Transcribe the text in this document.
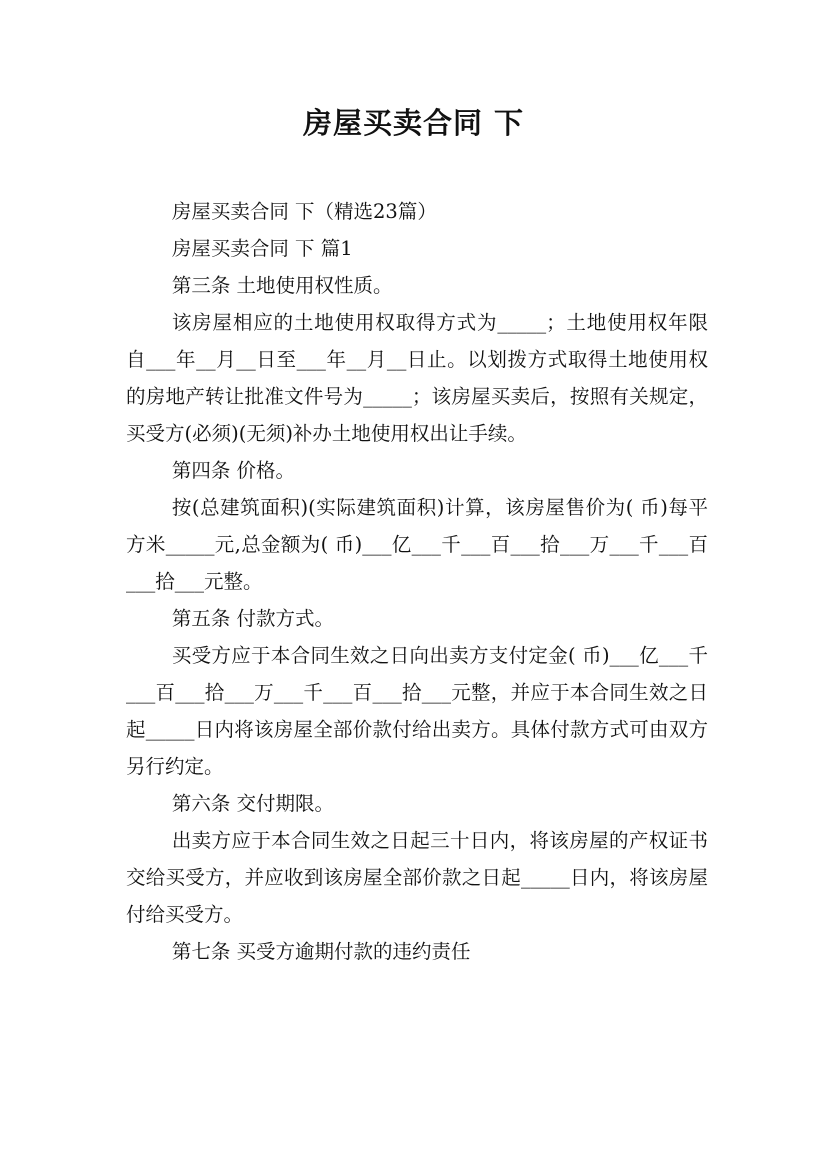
房屋买卖合同 下

房屋买卖合同 下（精选23篇）

房屋买卖合同 下 篇1

第三条 土地使用权性质。

该房屋相应的土地使用权取得方式为_____；土地使用权年限自___年__月__日至___年__月__日止。以划拨方式取得土地使用权的房地产转让批准文件号为_____；该房屋买卖后，按照有关规定，买受方(必须)(无须)补办土地使用权出让手续。

第四条 价格。

按(总建筑面积)(实际建筑面积)计算，该房屋售价为( 币)每平方米_____元,总金额为( 币)___亿___千___百___拾___万___千___百___拾___元整。

第五条 付款方式。

买受方应于本合同生效之日向出卖方支付定金( 币)___亿___千___百___拾___万___千___百___拾___元整，并应于本合同生效之日起_____日内将该房屋全部价款付给出卖方。具体付款方式可由双方另行约定。

第六条 交付期限。

出卖方应于本合同生效之日起三十日内，将该房屋的产权证书交给买受方，并应收到该房屋全部价款之日起_____日内，将该房屋付给买受方。

第七条 买受方逾期付款的违约责任
